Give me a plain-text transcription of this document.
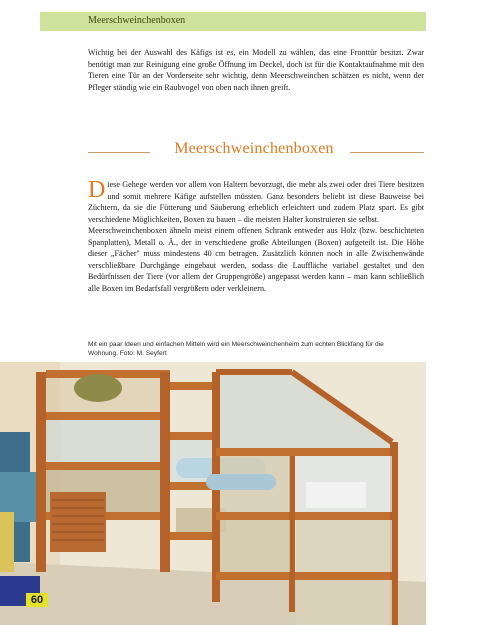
Meerschweinchenboxen
Wichtig bei der Auswahl des Käfigs ist es, ein Modell zu wählen, das eine Fronttür besitzt. Zwar benötigt man zur Reinigung eine große Öffnung im Deckel, doch ist für die Kontaktaufnahme mit den Tieren eine Tür an der Vorderseite sehr wichtig, denn Meerschweinchen schätzen es nicht, wenn der Pfleger ständig wie ein Raubvogel von oben nach ihnen greift.
Meerschweinchenboxen

Diese Gehege werden vor allem von Haltern bevorzugt, die mehr als zwei oder drei Tiere besitzen und somit mehrere Käfige aufstellen müssten. Ganz besonders beliebt ist diese Bauweise bei Züchtern, da sie die Fütterung und Säuberung erheblich erleichtert und zudem Platz spart. Es gibt verschiedene Möglichkeiten, Boxen zu bauen – die meisten Halter konstruieren sie selbst.

Meerschweinchenboxen ähneln meist einem offenen Schrank entweder aus Holz (bzw. beschichteten Spanplatten), Metall o. Ä., der in verschiedene große Abteilungen (Boxen) aufgeteilt ist. Die Höhe dieser „Fächer" muss mindestens 40 cm betragen. Zusätzlich können noch in alle Zwischenwände verschließbare Durchgänge eingebaut werden, sodass die Lauffläche variabel gestaltet und den Bedürfnissen der Tiere (vor allem der Gruppengröße) angepasst werden kann – man kann schließlich alle Boxen im Bedarfsfall vergrößern oder verkleinern.

Mit ein paar Ideen und einfachen Mitteln wird ein Meerschweinchenheim zum echten Blickfang für die Wohnung. Foto: M. Seyfert
60
